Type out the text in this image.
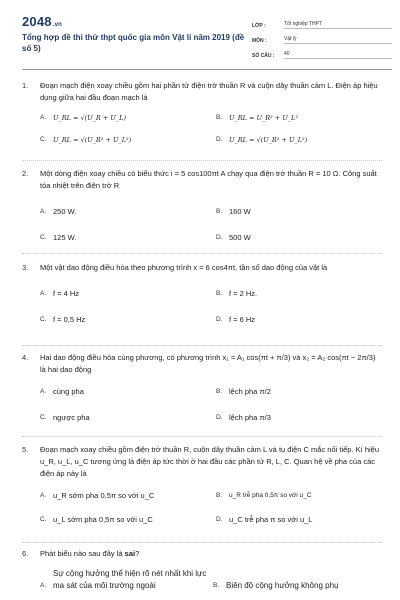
2048.vn
Tổng hợp đề thi thử thpt quốc gia môn Vật lí năm 2019 (đề số 5)
LỚP :	Tốt nghiệp THPT
MÔN :	Vật lý
SỐ CÂU :	40
1.	Đoạn mạch điện xoay chiều gồm hai phần tử điện trở thuần R và cuộn dây thuần cảm L. Điện áp hiệu dụng giữa hai đầu đoạn mạch là
A.	U_RL = √(U_R + U_L)	B.	U_RL = U_R² + U_L²
C.	U_RL = √(U_R² + U_L²)	D.	U_RL = √(U_R² + U_L²)
2.	Một dòng điện xoay chiều có biểu thức i = 5 cos100πt A chạy qua điện trở thuần R = 10 Ω. Công suất tỏa nhiệt trên điện trở R
A. 250 W.	B. 160 W
C. 125 W.	D. 500 W
3.	Một vật dao động điều hòa theo phương trình x = 6 cos4πt, tần số dao động của vật là
A. f = 4 Hz	B. f = 2 Hz.
C. f = 0,5 Hz	D. f = 6 Hz
4.	Hai dao động điều hòa cùng phương, có phương trình x₁ = A₁ cos(πt + π/3) và x₂ = A₂ cos(πt − 2π/3) là hai dao động
A. cùng pha	B. lệch pha π/2
C. ngược pha	D. lệch pha π/3
5.	Đoạn mạch xoay chiều gồm điện trở thuần R, cuộn dây thuần cảm L và tụ điện C mắc nối tiếp. Kí hiệu u_R, u_L, u_C tương ứng là điện áp tức thời ở hai đầu các phần tử R, L, C. Quan hệ về pha của các điện áp này là
A. u_R sớm pha 0,5π so với u_C	B.	u_R trễ pha 0,5π so với u_C
C. u_L sớm pha 0,5π so với u_C	D. u_C trễ pha π so với u_L
6.	Phát biểu nào sau đây là sai?
A.
Sự cộng hưởng thể hiện rõ nét nhất khi lực ma sát của môi trường ngoài	B. Biên độ cộng hưởng không phụ
